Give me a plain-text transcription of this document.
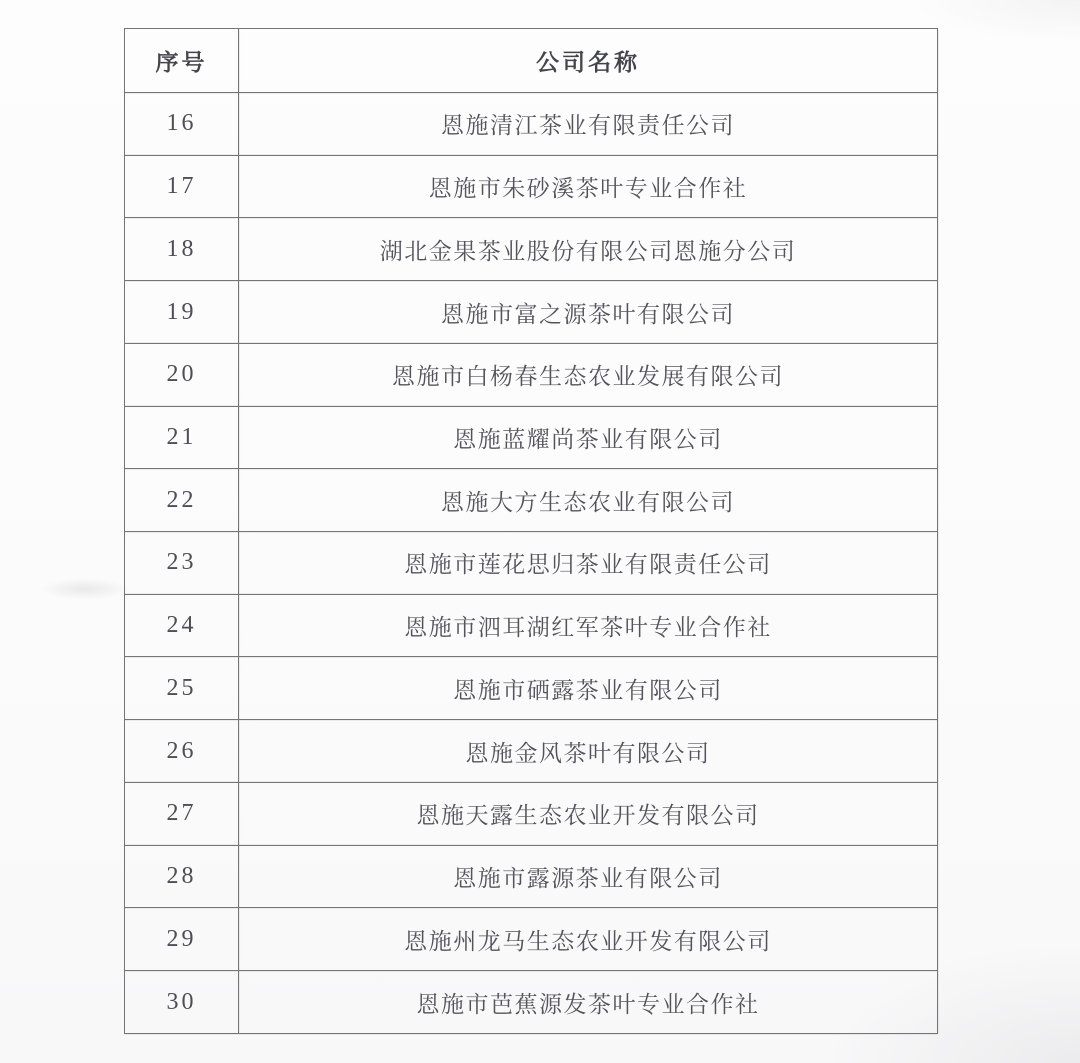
序号	公司名称
16	恩施清江茶业有限责任公司
17	恩施市朱砂溪茶叶专业合作社
18	湖北金果茶业股份有限公司恩施分公司
19	恩施市富之源茶叶有限公司
20	恩施市白杨春生态农业发展有限公司
21	恩施蓝耀尚茶业有限公司
22	恩施大方生态农业有限公司
23	恩施市莲花思归茶业有限责任公司
24	恩施市泗耳湖红军茶叶专业合作社
25	恩施市硒露茶业有限公司
26	恩施金风茶叶有限公司
27	恩施天露生态农业开发有限公司
28	恩施市露源茶业有限公司
29	恩施州龙马生态农业开发有限公司
30	恩施市芭蕉源发茶叶专业合作社
